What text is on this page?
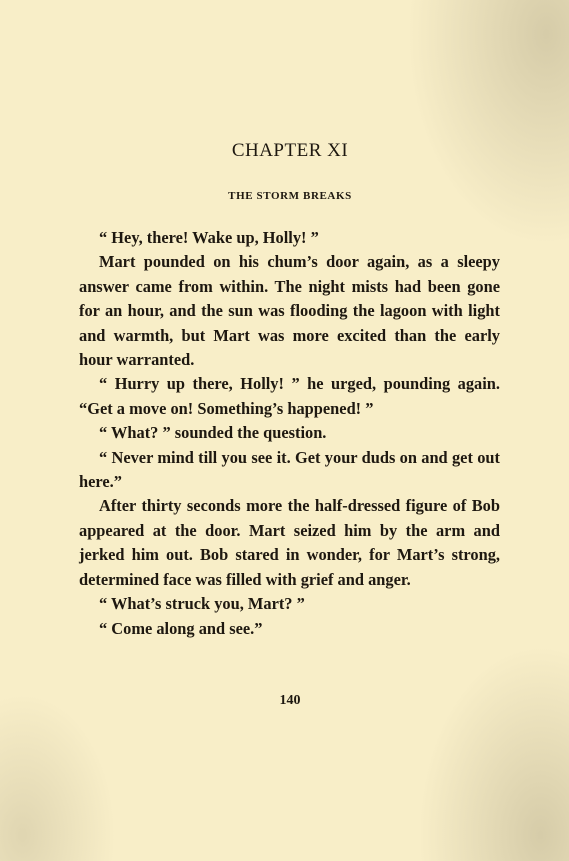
CHAPTER XI
THE STORM BREAKS

“ Hey, there! Wake up, Holly! ”

Mart pounded on his chum’s door again, as a sleepy answer came from within. The night mists had been gone for an hour, and the sun was flooding the lagoon with light and warmth, but Mart was more excited than the early hour warranted.

“ Hurry up there, Holly! ” he urged, pounding again. “Get a move on! Something’s happened! ”

“ What? ” sounded the question.

“ Never mind till you see it. Get your duds on and get out here.”

After thirty seconds more the half-dressed figure of Bob appeared at the door. Mart seized him by the arm and jerked him out. Bob stared in wonder, for Mart’s strong, determined face was filled with grief and anger.

“ What’s struck you, Mart? ”

“ Come along and see.”

140
